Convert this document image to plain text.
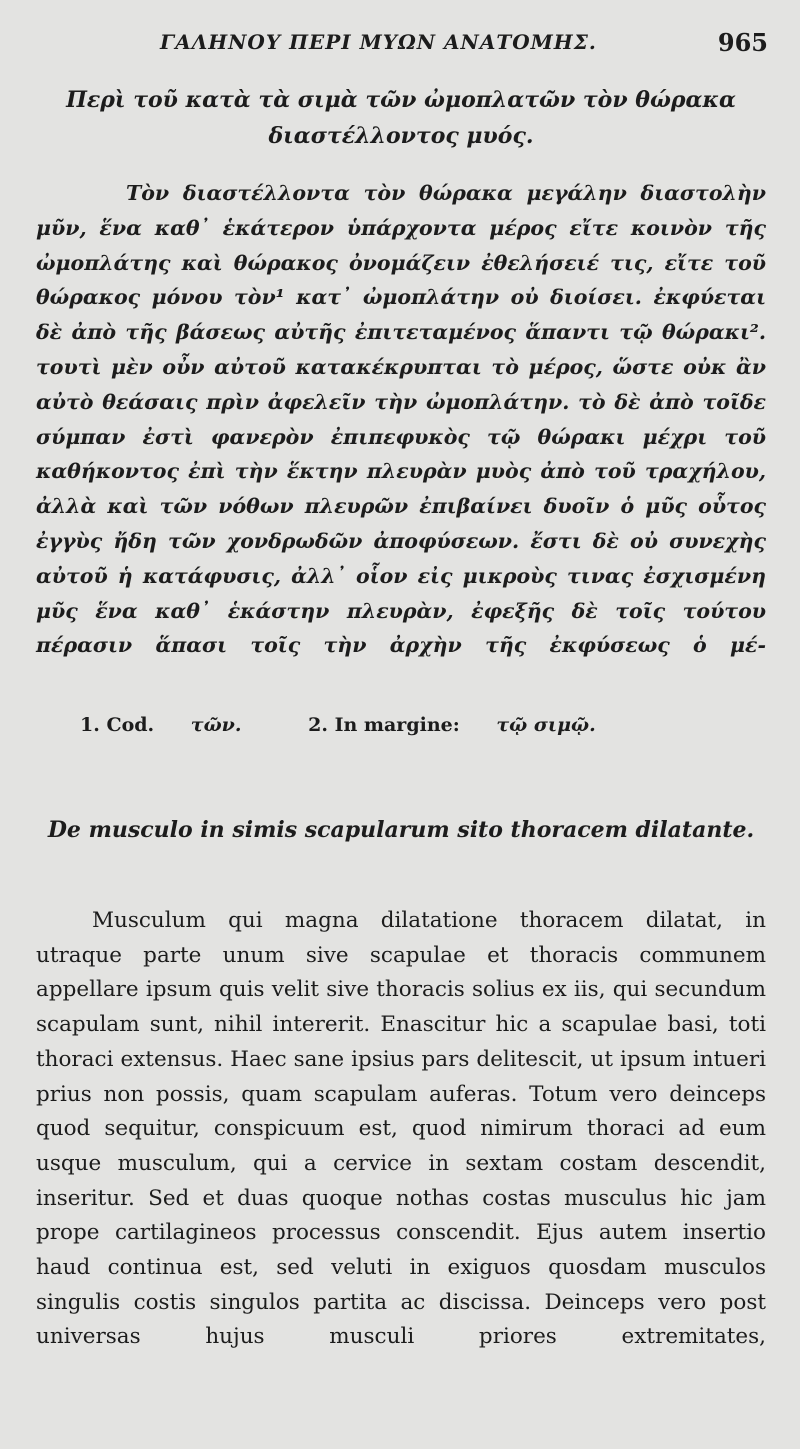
ΓΑΛΗΝΟΥ ΠΕΡΙ ΜΥΩΝ ΑΝΑΤΟΜΗΣ.	965
Περὶ τοῦ κατὰ τὰ σιμὰ τῶν ὠμοπλατῶν τὸν θώρακα διαστέλλοντος μυός.

Τὸν διαστέλλοντα τὸν θώρακα μεγάλην διαστολὴν μῦν, ἕνα καθ᾿ ἑκάτερον ὑπάρχοντα μέρος εἴτε κοινὸν τῆς ὠμοπλάτης καὶ θώρακος ὀνομάζειν ἐθελήσειέ τις, εἴτε τοῦ θώρακος μόνου τὸν¹ κατ᾿ ὠμοπλάτην οὐ διοίσει. ἐκφύεται δὲ ἀπὸ τῆς βάσεως αὐτῆς ἐπιτεταμένος ἅπαντι τῷ θώρακι². τουτὶ μὲν οὖν αὐτοῦ κατακέκρυπται τὸ μέρος, ὥστε οὐκ ἂν αὐτὸ θεάσαις πρὶν ἀφελεῖν τὴν ὠμοπλάτην. τὸ δὲ ἀπὸ τοῖδε σύμπαν ἐστὶ φανερὸν ἐπιπεφυκὸς τῷ θώρακι μέχρι τοῦ καθήκοντος ἐπὶ τὴν ἕκτην πλευρὰν μυὸς ἀπὸ τοῦ τραχήλου, ἀλλὰ καὶ τῶν νόθων πλευρῶν ἐπιβαίνει δυοῖν ὁ μῦς οὗτος ἐγγὺς ἤδη τῶν χονδρωδῶν ἀποφύσεων. ἔστι δὲ οὐ συνεχὴς αὐτοῦ ἡ κατάφυσις, ἀλλ᾿ οἷον εἰς μικροὺς τινας ἐσχισμένη μῦς ἕνα καθ᾿ ἑκάστην πλευρὰν, ἐφεξῆς δὲ τοῖς τούτου πέρασιν ἅπασι τοῖς τὴν ἀρχὴν τῆς ἐκφύσεως ὁ μέ-

1. Cod. τῶν.	2. In margine: τῷ σιμῷ.
De musculo in simis scapularum sito thoracem dilatante.

Musculum qui magna dilatatione thoracem dilatat, in utraque parte unum sive scapulae et thoracis communem appellare ipsum quis velit sive thoracis solius ex iis, qui secundum scapulam sunt, nihil intererit. Enascitur hic a scapulae basi, toti thoraci extensus. Haec sane ipsius pars delitescit, ut ipsum intueri prius non possis, quam scapulam auferas. Totum vero deinceps quod sequitur, conspicuum est, quod nimirum thoraci ad eum usque musculum, qui a cervice in sextam costam descendit, inseritur. Sed et duas quoque nothas costas musculus hic jam prope cartilagineos processus conscendit. Ejus autem insertio haud continua est, sed veluti in exiguos quosdam musculos singulis costis singulos partita ac discissa. Deinceps vero post universas hujus musculi priores extremitates,
